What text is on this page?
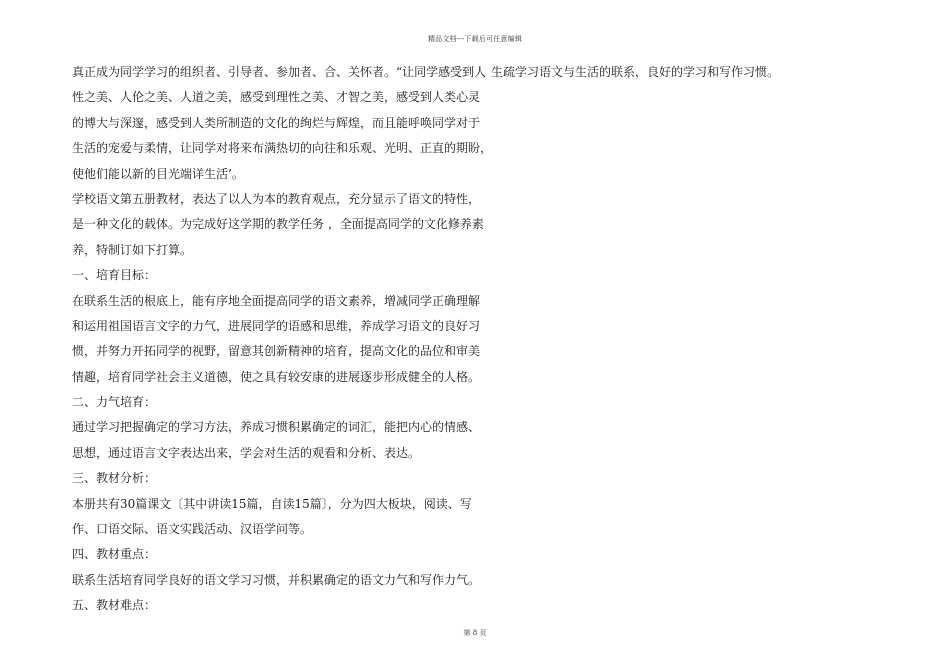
精品文档---下载后可任意编辑
真正成为同学学习的组织者、引导者、参加者、合、关怀者。“让同学感受到人
性之美、人伦之美、人道之美，感受到理性之美、才智之美，感受到人类心灵
的博大与深邃，感受到人类所制造的文化的绚烂与辉煌，而且能呼唤同学对于
生活的宠爱与柔情，让同学对将来布满热切的向往和乐观、光明、正直的期盼，
使他们能以新的目光端详生活’。
学校语文第五册教材，表达了以人为本的教育观点，充分显示了语文的特性，
是一种文化的载体。为完成好这学期的教学任务 ，全面提高同学的文化修养素
养，特制订如下打算。
一、培育目标：
在联系生活的根底上，能有序地全面提高同学的语文素养，增减同学正确理解
和运用祖国语言文字的力气，进展同学的语感和思维，养成学习语文的良好习
惯，并努力开拓同学的视野，留意其创新精神的培育，提高文化的品位和审美
情趣，培育同学社会主义道德，使之具有较安康的进展逐步形成健全的人格。
二、力气培育：
通过学习把握确定的学习方法，养成习惯积累确定的词汇，能把内心的情感、
思想，通过语言文字表达出来，学会对生活的观看和分析、表达。
三、教材分析：
本册共有30篇课文〔其中讲读15篇，自读15篇〕，分为四大板块，阅读、写
作、口语交际、语文实践活动、汉语学问等。
四、教材重点：
联系生活培育同学良好的语文学习习惯，并积累确定的语文力气和写作力气。
五、教材难点：
生疏学习语文与生活的联系，良好的学习和写作习惯。
第 8 页
